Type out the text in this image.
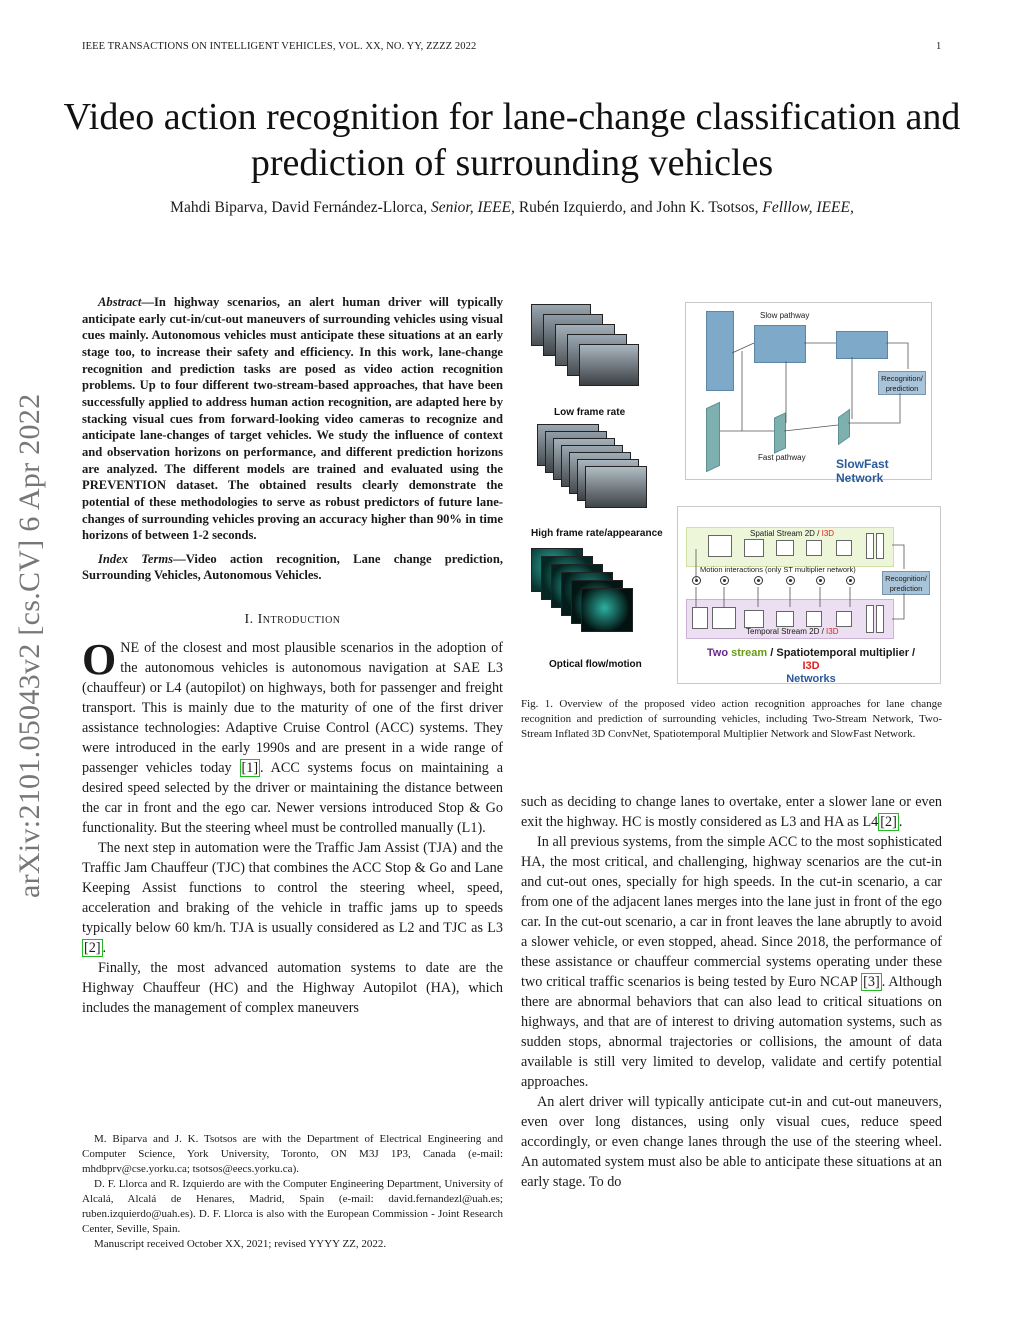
IEEE TRANSACTIONS ON INTELLIGENT VEHICLES, VOL. XX, NO. YY, ZZZZ 2022	1
Video action recognition for lane-change classification and prediction of surrounding vehicles
Mahdi Biparva, David Fernández-Llorca, Senior, IEEE, Rubén Izquierdo, and John K. Tsotsos, Felllow, IEEE,
arXiv:2101.05043v2 [cs.CV] 6 Apr 2022
Abstract—In highway scenarios, an alert human driver will typically anticipate early cut-in/cut-out maneuvers of surrounding vehicles using visual cues mainly. Autonomous vehicles must anticipate these situations at an early stage too, to increase their safety and efficiency. In this work, lane-change recognition and prediction tasks are posed as video action recognition problems. Up to four different two-stream-based approaches, that have been successfully applied to address human action recognition, are adapted here by stacking visual cues from forward-looking video cameras to recognize and anticipate lane-changes of target vehicles. We study the influence of context and observation horizons on performance, and different prediction horizons are analyzed. The different models are trained and evaluated using the PREVENTION dataset. The obtained results clearly demonstrate the potential of these methodologies to serve as robust predictors of future lane-changes of surrounding vehicles proving an accuracy higher than 90% in time horizons of between 1-2 seconds.
Index Terms—Video action recognition, Lane change prediction, Surrounding Vehicles, Autonomous Vehicles.
I. Introduction

ONE of the closest and most plausible scenarios in the adoption of the autonomous vehicles is autonomous navigation at SAE L3 (chauffeur) or L4 (autopilot) on highways, both for passenger and freight transport. This is mainly due to the maturity of one of the first driver assistance technologies: Adaptive Cruise Control (ACC) systems. They were introduced in the early 1990s and are present in a wide range of passenger vehicles today [1] . ACC systems focus on maintaining a desired speed selected by the driver or maintaining the distance between the car in front and the ego car. Newer versions introduced Stop & Go functionality. But the steering wheel must be controlled manually (L1).

The next step in automation were the Traffic Jam Assist (TJA) and the Traffic Jam Chauffeur (TJC) that combines the ACC Stop & Go and Lane Keeping Assist functions to control the steering wheel, speed, acceleration and braking of the vehicle in traffic jams up to speeds typically below 60 km/h. TJA is usually considered as L2 and TJC as L3 [2] .

Finally, the most advanced automation systems to date are the Highway Chauffeur (HC) and the Highway Autopilot (HA), which includes the management of complex maneuvers

M. Biparva and J. K. Tsotsos are with the Department of Electrical Engineering and Computer Science, York University, Toronto, ON M3J 1P3, Canada (e-mail: mhdbprv@cse.yorku.ca; tsotsos@eecs.yorku.ca).

D. F. Llorca and R. Izquierdo are with the Computer Engineering Department, University of Alcalá, Alcalá de Henares, Madrid, Spain (e-mail: david.fernandezl@uah.es; ruben.izquierdo@uah.es). D. F. Llorca is also with the European Commission - Joint Research Center, Seville, Spain.

Manuscript received October XX, 2021; revised YYYY ZZ, 2022.

Low frame rate
High frame rate/appearance
Optical flow/motion
Slow pathway
Recognition/ prediction
Fast pathway	SlowFast Network
Spatial Stream 2D / I3D
Motion interactions (only ST multiplier network)
Recognition/ prediction
Temporal Stream 2D / I3D
Two stream / Spatiotemporal multiplier / I3D
Networks
Fig. 1. Overview of the proposed video action recognition approaches for lane change recognition and prediction of surrounding vehicles, including Two-Stream Network, Two-Stream Inflated 3D ConvNet, Spatiotemporal Multiplier Network and SlowFast Network.

such as deciding to change lanes to overtake, enter a slower lane or even exit the highway. HC is mostly considered as L3 and HA as L4 [2] .

In all previous systems, from the simple ACC to the most sophisticated HA, the most critical, and challenging, highway scenarios are the cut-in and cut-out ones, specially for high speeds. In the cut-in scenario, a car from one of the adjacent lanes merges into the lane just in front of the ego car. In the cut-out scenario, a car in front leaves the lane abruptly to avoid a slower vehicle, or even stopped, ahead. Since 2018, the performance of these assistance or chauffeur commercial systems operating under these two critical traffic scenarios is being tested by Euro NCAP [3] . Although there are abnormal behaviors that can also lead to critical situations on highways, and that are of interest to driving automation systems, such as sudden stops, abnormal trajectories or collisions, the amount of data available is still very limited to develop, validate and certify potential approaches.

An alert driver will typically anticipate cut-in and cut-out maneuvers, even over long distances, using only visual cues, reduce speed accordingly, or even change lanes through the use of the steering wheel. An automated system must also be able to anticipate these situations at an early stage. To do
